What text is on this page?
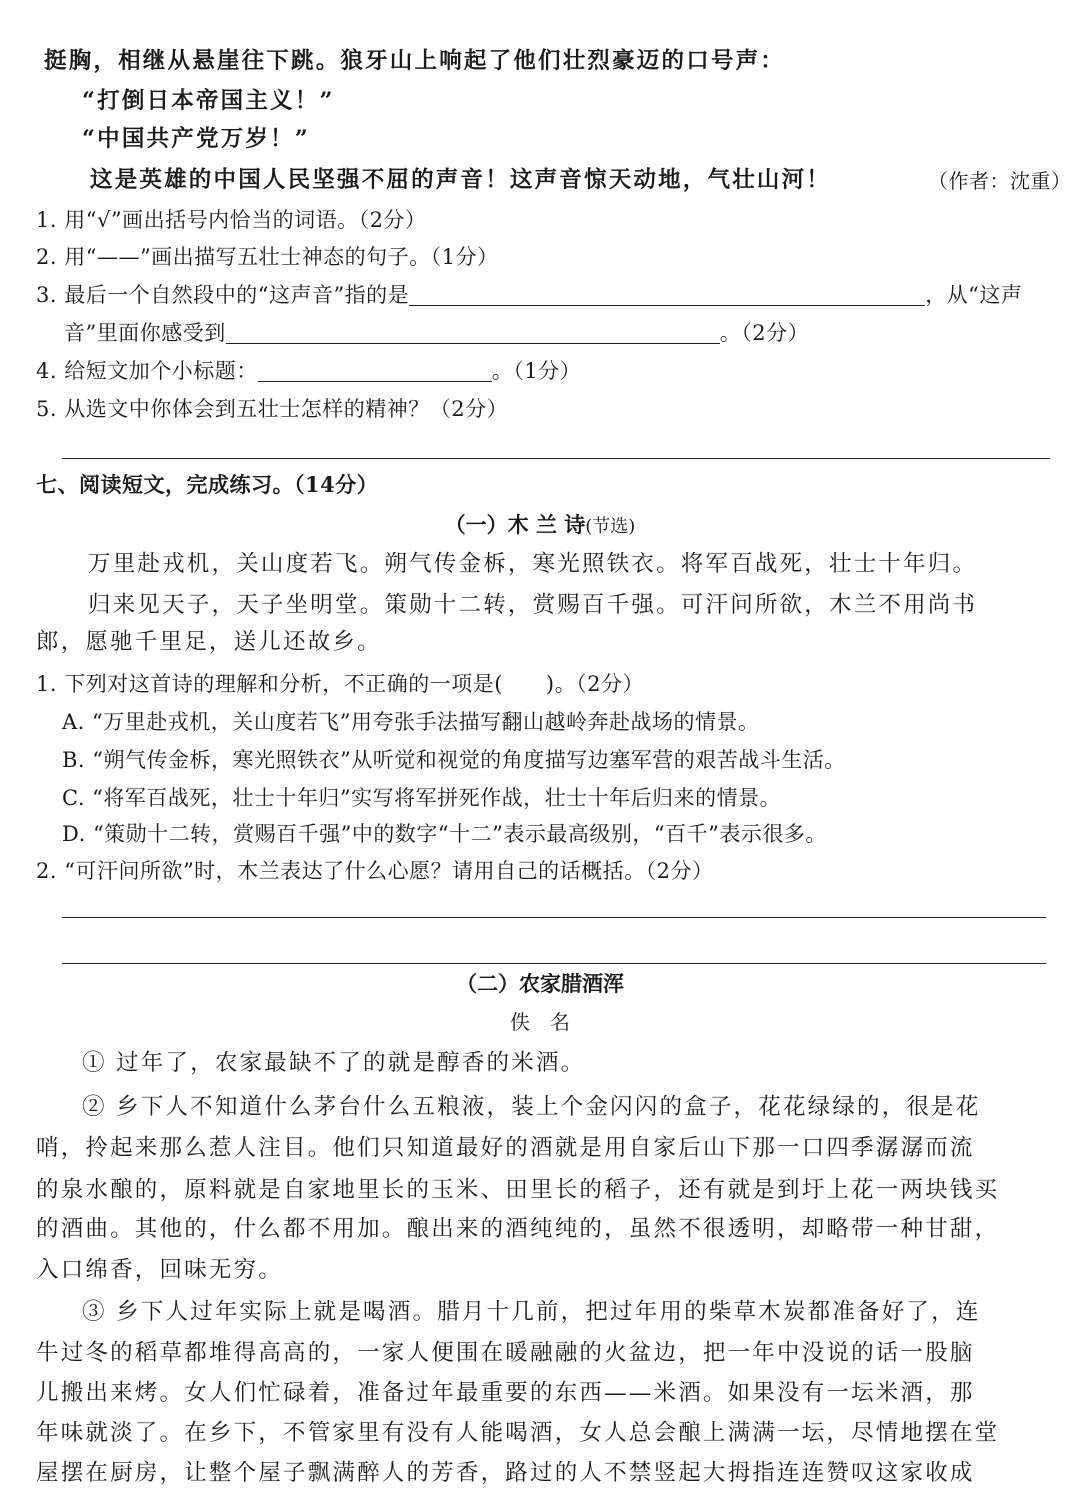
挺胸，相继从悬崖往下跳。狼牙山上响起了他们壮烈豪迈的口号声：
“打倒日本帝国主义！”
“中国共产党万岁！”
这是英雄的中国人民坚强不屈的声音！这声音惊天动地，气壮山河！	（作者：沈重）
1. 用“√”画出括号内恰当的词语。（2分）
2. 用“——”画出描写五壮士神态的句子。（1分）
3. 最后一个自然段中的“这声音”指的是	，从“这声
音”里面你感受到	。（2分）
4. 给短文加个小标题：	。（1分）
5. 从选文中你体会到五壮士怎样的精神？（2分）
七、阅读短文，完成练习。（14分）
（一）木 兰 诗(节选)
万里赴戎机，关山度若飞。朔气传金柝，寒光照铁衣。将军百战死，壮士十年归。
归来见天子，天子坐明堂。策勋十二转，赏赐百千强。可汗问所欲，木兰不用尚书
郎，愿驰千里足，送儿还故乡。
1. 下列对这首诗的理解和分析，不正确的一项是(　　)。（2分）
A. “万里赴戎机，关山度若飞”用夸张手法描写翻山越岭奔赴战场的情景。
B. “朔气传金柝，寒光照铁衣”从听觉和视觉的角度描写边塞军营的艰苦战斗生活。
C. “将军百战死，壮士十年归”实写将军拼死作战，壮士十年后归来的情景。
D. “策勋十二转，赏赐百千强”中的数字“十二”表示最高级别，“百千”表示很多。
2. “可汗问所欲”时，木兰表达了什么心愿？请用自己的话概括。（2分）
（二）农家腊酒浑
佚　名
① 过年了，农家最缺不了的就是醇香的米酒。
② 乡下人不知道什么茅台什么五粮液，装上个金闪闪的盒子，花花绿绿的，很是花
哨，拎起来那么惹人注目。他们只知道最好的酒就是用自家后山下那一口四季潺潺而流
的泉水酿的，原料就是自家地里长的玉米、田里长的稻子，还有就是到圩上花一两块钱买
的酒曲。其他的，什么都不用加。酿出来的酒纯纯的，虽然不很透明，却略带一种甘甜，
入口绵香，回味无穷。
③ 乡下人过年实际上就是喝酒。腊月十几前，把过年用的柴草木炭都准备好了，连
牛过冬的稻草都堆得高高的，一家人便围在暖融融的火盆边，把一年中没说的话一股脑
儿搬出来烤。女人们忙碌着，准备过年最重要的东西——米酒。如果没有一坛米酒，那
年味就淡了。在乡下，不管家里有没有人能喝酒，女人总会酿上满满一坛，尽情地摆在堂
屋摆在厨房，让整个屋子飘满醉人的芳香，路过的人不禁竖起大拇指连连赞叹这家收成
